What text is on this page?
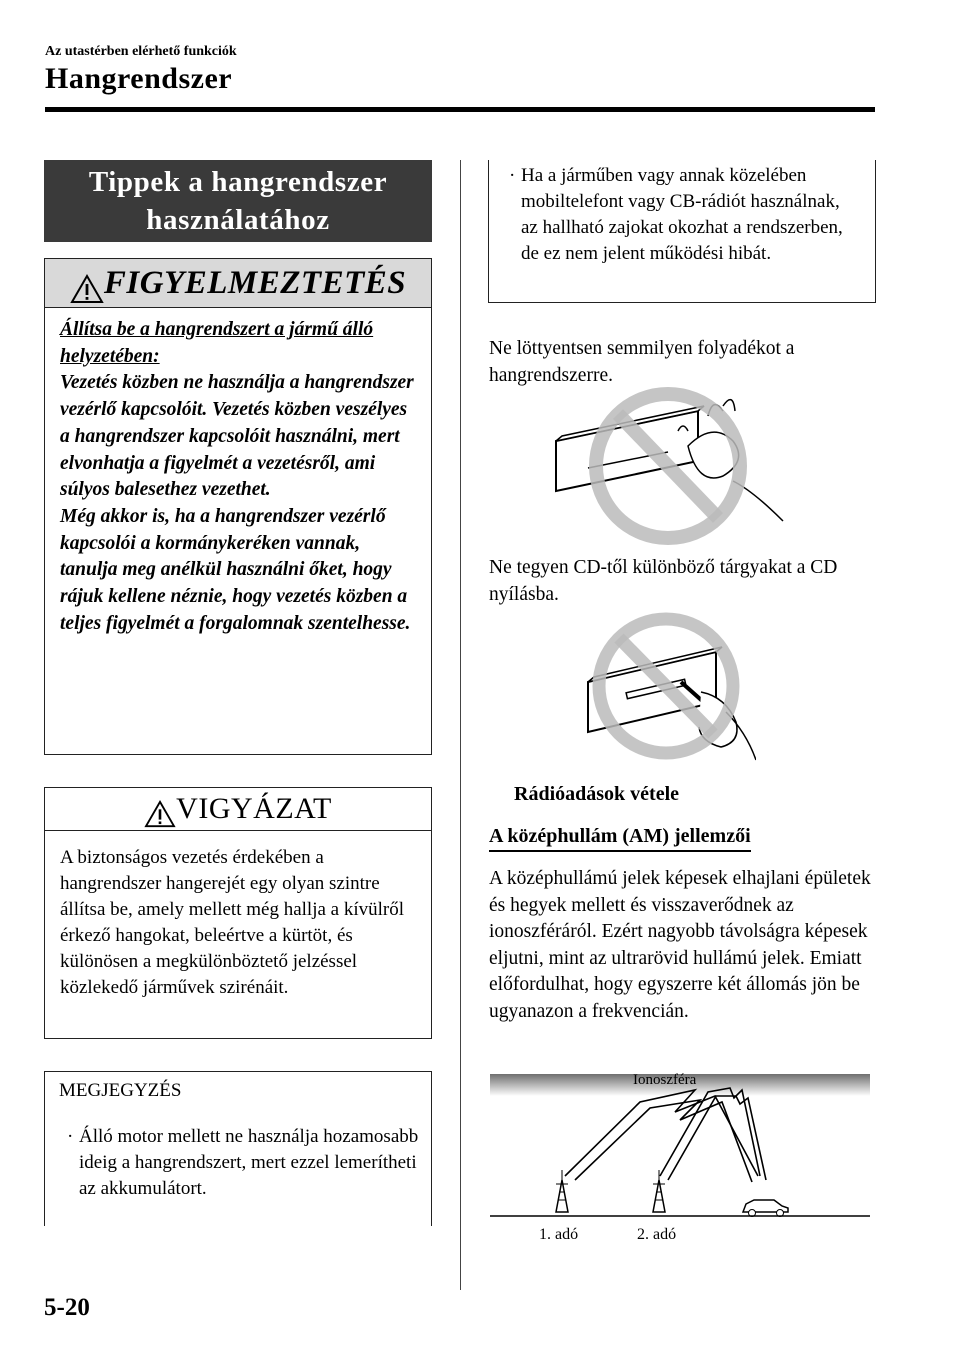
Az utastérben elérhető funkciók
Hangrendszer
Tippek a hangrendszer
használatához
FIGYELMEZTETÉS

Állítsa be a hangrendszert a jármű álló helyzetében:

Vezetés közben ne használja a hangrendszer vezérlő kapcsolóit. Vezetés közben veszélyes a hangrendszer kapcsolóit használni, mert elvonhatja a figyelmét a vezetésről, ami súlyos balesethez vezethet.

Még akkor is, ha a hangrendszer vezérlő kapcsolói a kormánykeréken vannak, tanulja meg anélkül használni őket, hogy rájuk kellene néznie, hogy vezetés közben a teljes figyelmét a forgalomnak szentelhesse.

VIGYÁZAT
A biztonságos vezetés érdekében a hangrendszer hangerejét egy olyan szintre állítsa be, amely mellett még hallja a kívülről érkező hangokat, beleértve a kürtöt, és különösen a megkülönböztető jelzéssel közlekedő járművek szirénáit.
MEGJEGYZÉS
· Álló motor mellett ne használja hozamosabb ideig a hangrendszert, mert ezzel lemerítheti az akkumulátort.
· Ha a járműben vagy annak közelében mobiltelefont vagy CB-rádiót használnak, az hallható zajokat okozhat a rendszerben, de ez nem jelent működési hibát.
Ne löttyentsen semmilyen folyadékot a hangrendszerre.
Ne tegyen CD-től különböző tárgyakat a CD nyílásba.
Rádióadások vétele
A középhullám (AM) jellemzői
A középhullámú jelek képesek elhajlani épületek és hegyek mellett és visszaverődnek az ionoszféráról. Ezért nagyobb távolságra képesek eljutni, mint az ultrarövid hullámú jelek. Emiatt előfordulhat, hogy egyszerre két állomás jön be ugyanazon a frekvencián.
Ionoszféra
1. adó	2. adó
5-20
